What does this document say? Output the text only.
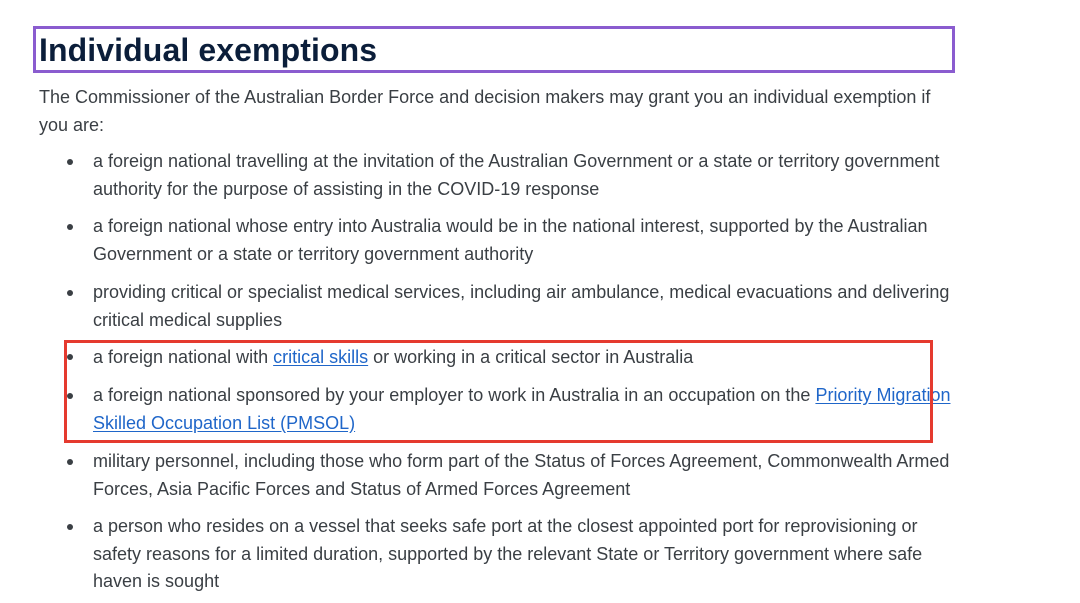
Individual exemptions

The Commissioner of the Australian Border Force and decision makers may grant you an individual exemption if you are:

a foreign national travelling at the invitation of the Australian Government or a state or territory government authority for the purpose of assisting in the COVID-19 response

a foreign national whose entry into Australia would be in the national interest, supported by the Australian Government or a state or territory government authority

providing critical or specialist medical services, including air ambulance, medical evacuations and delivering critical medical supplies

a foreign national with critical skills or working in a critical sector in Australia

a foreign national sponsored by your employer to work in Australia in an occupation on the Priority Migration Skilled Occupation List (PMSOL)

military personnel, including those who form part of the Status of Forces Agreement, Commonwealth Armed Forces, Asia Pacific Forces and Status of Armed Forces Agreement

a person who resides on a vessel that seeks safe port at the closest appointed port for reprovisioning or safety reasons for a limited duration, supported by the relevant State or Territory government where safe haven is sought
